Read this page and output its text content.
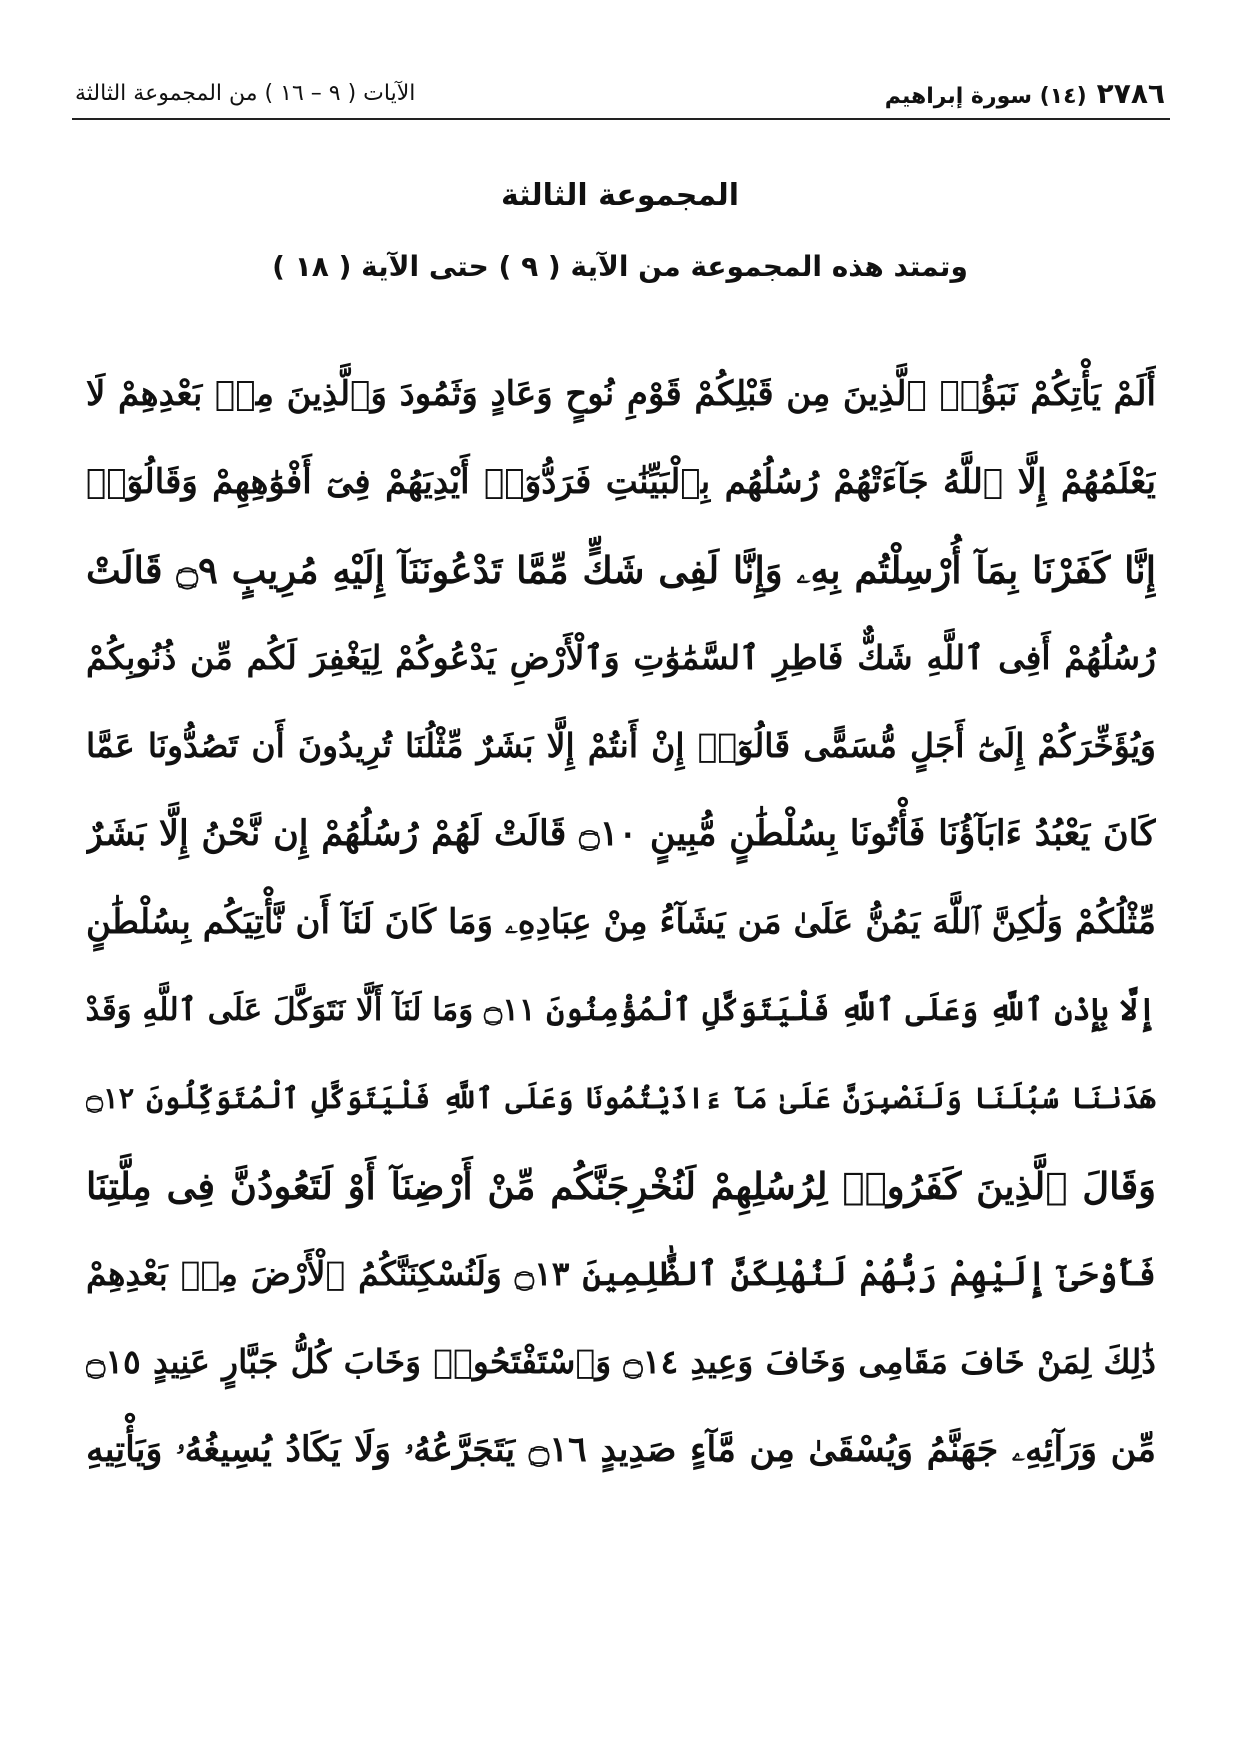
٢٧٨٦
(١٤) سورة إبراهيم
الآيات ( ٩ – ١٦ ) من المجموعة الثالثة
المجموعة الثالثة
وتمتد هذه المجموعة من الآية ( ٩ ) حتى الآية ( ١٨ )
أَلَمْ يَأْتِكُمْ نَبَؤُا۟ ٱلَّذِينَ مِن قَبْلِكُمْ قَوْمِ نُوحٍ وَعَادٍ وَثَمُودَ وَٱلَّذِينَ مِنۢ بَعْدِهِمْ لَا
يَعْلَمُهُمْ إِلَّا ٱللَّهُ جَآءَتْهُمْ رُسُلُهُم بِٱلْبَيِّنَٰتِ فَرَدُّوٓا۟ أَيْدِيَهُمْ فِىٓ أَفْوَٰهِهِمْ وَقَالُوٓا۟
إِنَّا كَفَرْنَا بِمَآ أُرْسِلْتُم بِهِۦ وَإِنَّا لَفِى شَكٍّ مِّمَّا تَدْعُونَنَآ إِلَيْهِ مُرِيبٍ ۝٩ قَالَتْ
رُسُلُهُمْ أَفِى ٱللَّهِ شَكٌّ فَاطِرِ ٱلسَّمَٰوَٰتِ وَٱلْأَرْضِ يَدْعُوكُمْ لِيَغْفِرَ لَكُم مِّن ذُنُوبِكُمْ
وَيُؤَخِّرَكُمْ إِلَىٰٓ أَجَلٍ مُّسَمًّى قَالُوٓا۟ إِنْ أَنتُمْ إِلَّا بَشَرٌ مِّثْلُنَا تُرِيدُونَ أَن تَصُدُّونَا عَمَّا
كَانَ يَعْبُدُ ءَابَآؤُنَا فَأْتُونَا بِسُلْطَٰنٍ مُّبِينٍ ۝١٠ قَالَتْ لَهُمْ رُسُلُهُمْ إِن نَّحْنُ إِلَّا بَشَرٌ
مِّثْلُكُمْ وَلَٰكِنَّ ٱللَّهَ يَمُنُّ عَلَىٰ مَن يَشَآءُ مِنْ عِبَادِهِۦ وَمَا كَانَ لَنَآ أَن نَّأْتِيَكُم بِسُلْطَٰنٍ
إِلَّا بِإِذْنِ ٱللَّهِ وَعَلَى ٱللَّهِ فَلْيَتَوَكَّلِ ٱلْمُؤْمِنُونَ ۝١١ وَمَا لَنَآ أَلَّا نَتَوَكَّلَ عَلَى ٱللَّهِ وَقَدْ
هَدَىٰنَا سُبُلَنَا وَلَنَصْبِرَنَّ عَلَىٰ مَآ ءَاذَيْتُمُونَا وَعَلَى ٱللَّهِ فَلْيَتَوَكَّلِ ٱلْمُتَوَكِّلُونَ ۝١٢
وَقَالَ ٱلَّذِينَ كَفَرُوا۟ لِرُسُلِهِمْ لَنُخْرِجَنَّكُم مِّنْ أَرْضِنَآ أَوْ لَتَعُودُنَّ فِى مِلَّتِنَا
فَأَوْحَىٰٓ إِلَيْهِمْ رَبُّهُمْ لَنُهْلِكَنَّ ٱلظَّٰلِمِينَ ۝١٣ وَلَنُسْكِنَنَّكُمُ ٱلْأَرْضَ مِنۢ بَعْدِهِمْ
ذَٰلِكَ لِمَنْ خَافَ مَقَامِى وَخَافَ وَعِيدِ ۝١٤ وَٱسْتَفْتَحُوا۟ وَخَابَ كُلُّ جَبَّارٍ عَنِيدٍ ۝١٥
مِّن وَرَآئِهِۦ جَهَنَّمُ وَيُسْقَىٰ مِن مَّآءٍ صَدِيدٍ ۝١٦ يَتَجَرَّعُهُۥ وَلَا يَكَادُ يُسِيغُهُۥ وَيَأْتِيهِ
